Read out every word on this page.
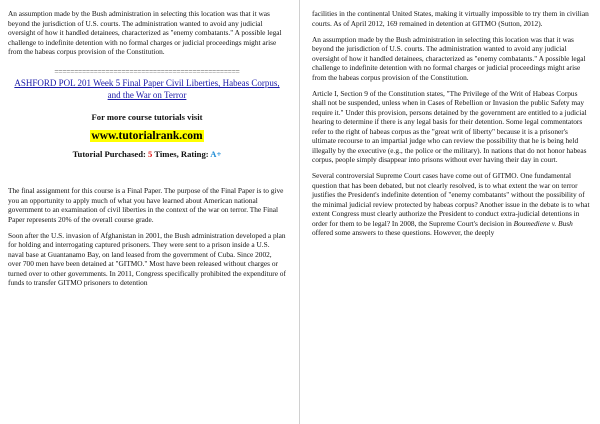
An assumption made by the Bush administration in selecting this location was that it was beyond the jurisdiction of U.S. courts. The administration wanted to avoid any judicial oversight of how it handled detainees, characterized as "enemy combatants." A possible legal challenge to indefinite detention with no formal charges or judicial proceedings might arise from the habeas corpus provision of the Constitution.

===============================================

ASHFORD POL 201 Week 5 Final Paper Civil Liberties, Habeas Corpus, and the War on Terror

For more course tutorials visit

www.tutorialrank.com

Tutorial Purchased: 5 Times, Rating: A+

The final assignment for this course is a Final Paper. The purpose of the Final Paper is to give you an opportunity to apply much of what you have learned about American national government to an examination of civil liberties in the context of the war on terror. The Final Paper represents 20% of the overall course grade.

Soon after the U.S. invasion of Afghanistan in 2001, the Bush administration developed a plan for holding and interrogating captured prisoners. They were sent to a prison inside a U.S. naval base at Guantanamo Bay, on land leased from the government of Cuba. Since 2002, over 700 men have been detained at "GITMO." Most have been released without charges or turned over to other governments. In 2011, Congress specifically prohibited the expenditure of funds to transfer GITMO prisoners to detention

facilities in the continental United States, making it virtually impossible to try them in civilian courts. As of April 2012, 169 remained in detention at GITMO (Sutton, 2012).

An assumption made by the Bush administration in selecting this location was that it was beyond the jurisdiction of U.S. courts. The administration wanted to avoid any judicial oversight of how it handled detainees, characterized as "enemy combatants." A possible legal challenge to indefinite detention with no formal charges or judicial proceedings might arise from the habeas corpus provision of the Constitution.

Article I, Section 9 of the Constitution states, "The Privilege of the Writ of Habeas Corpus shall not be suspended, unless when in Cases of Rebellion or Invasion the public Safety may require it." Under this provision, persons detained by the government are entitled to a judicial hearing to determine if there is any legal basis for their detention. Some legal commentators refer to the right of habeas corpus as the "great writ of liberty" because it is a prisoner's ultimate recourse to an impartial judge who can review the possibility that he is being held illegally by the executive (e.g., the police or the military). In nations that do not honor habeas corpus, people simply disappear into prisons without ever having their day in court.

Several controversial Supreme Court cases have come out of GITMO. One fundamental question that has been debated, but not clearly resolved, is to what extent the war on terror justifies the President's indefinite detention of "enemy combatants" without the possibility of the minimal judicial review protected by habeas corpus? Another issue in the debate is to what extent Congress must clearly authorize the President to conduct extra-judicial detentions in order for them to be legal? In 2008, the Supreme Court's decision in Boumediene v. Bush offered some answers to these questions. However, the deeply
